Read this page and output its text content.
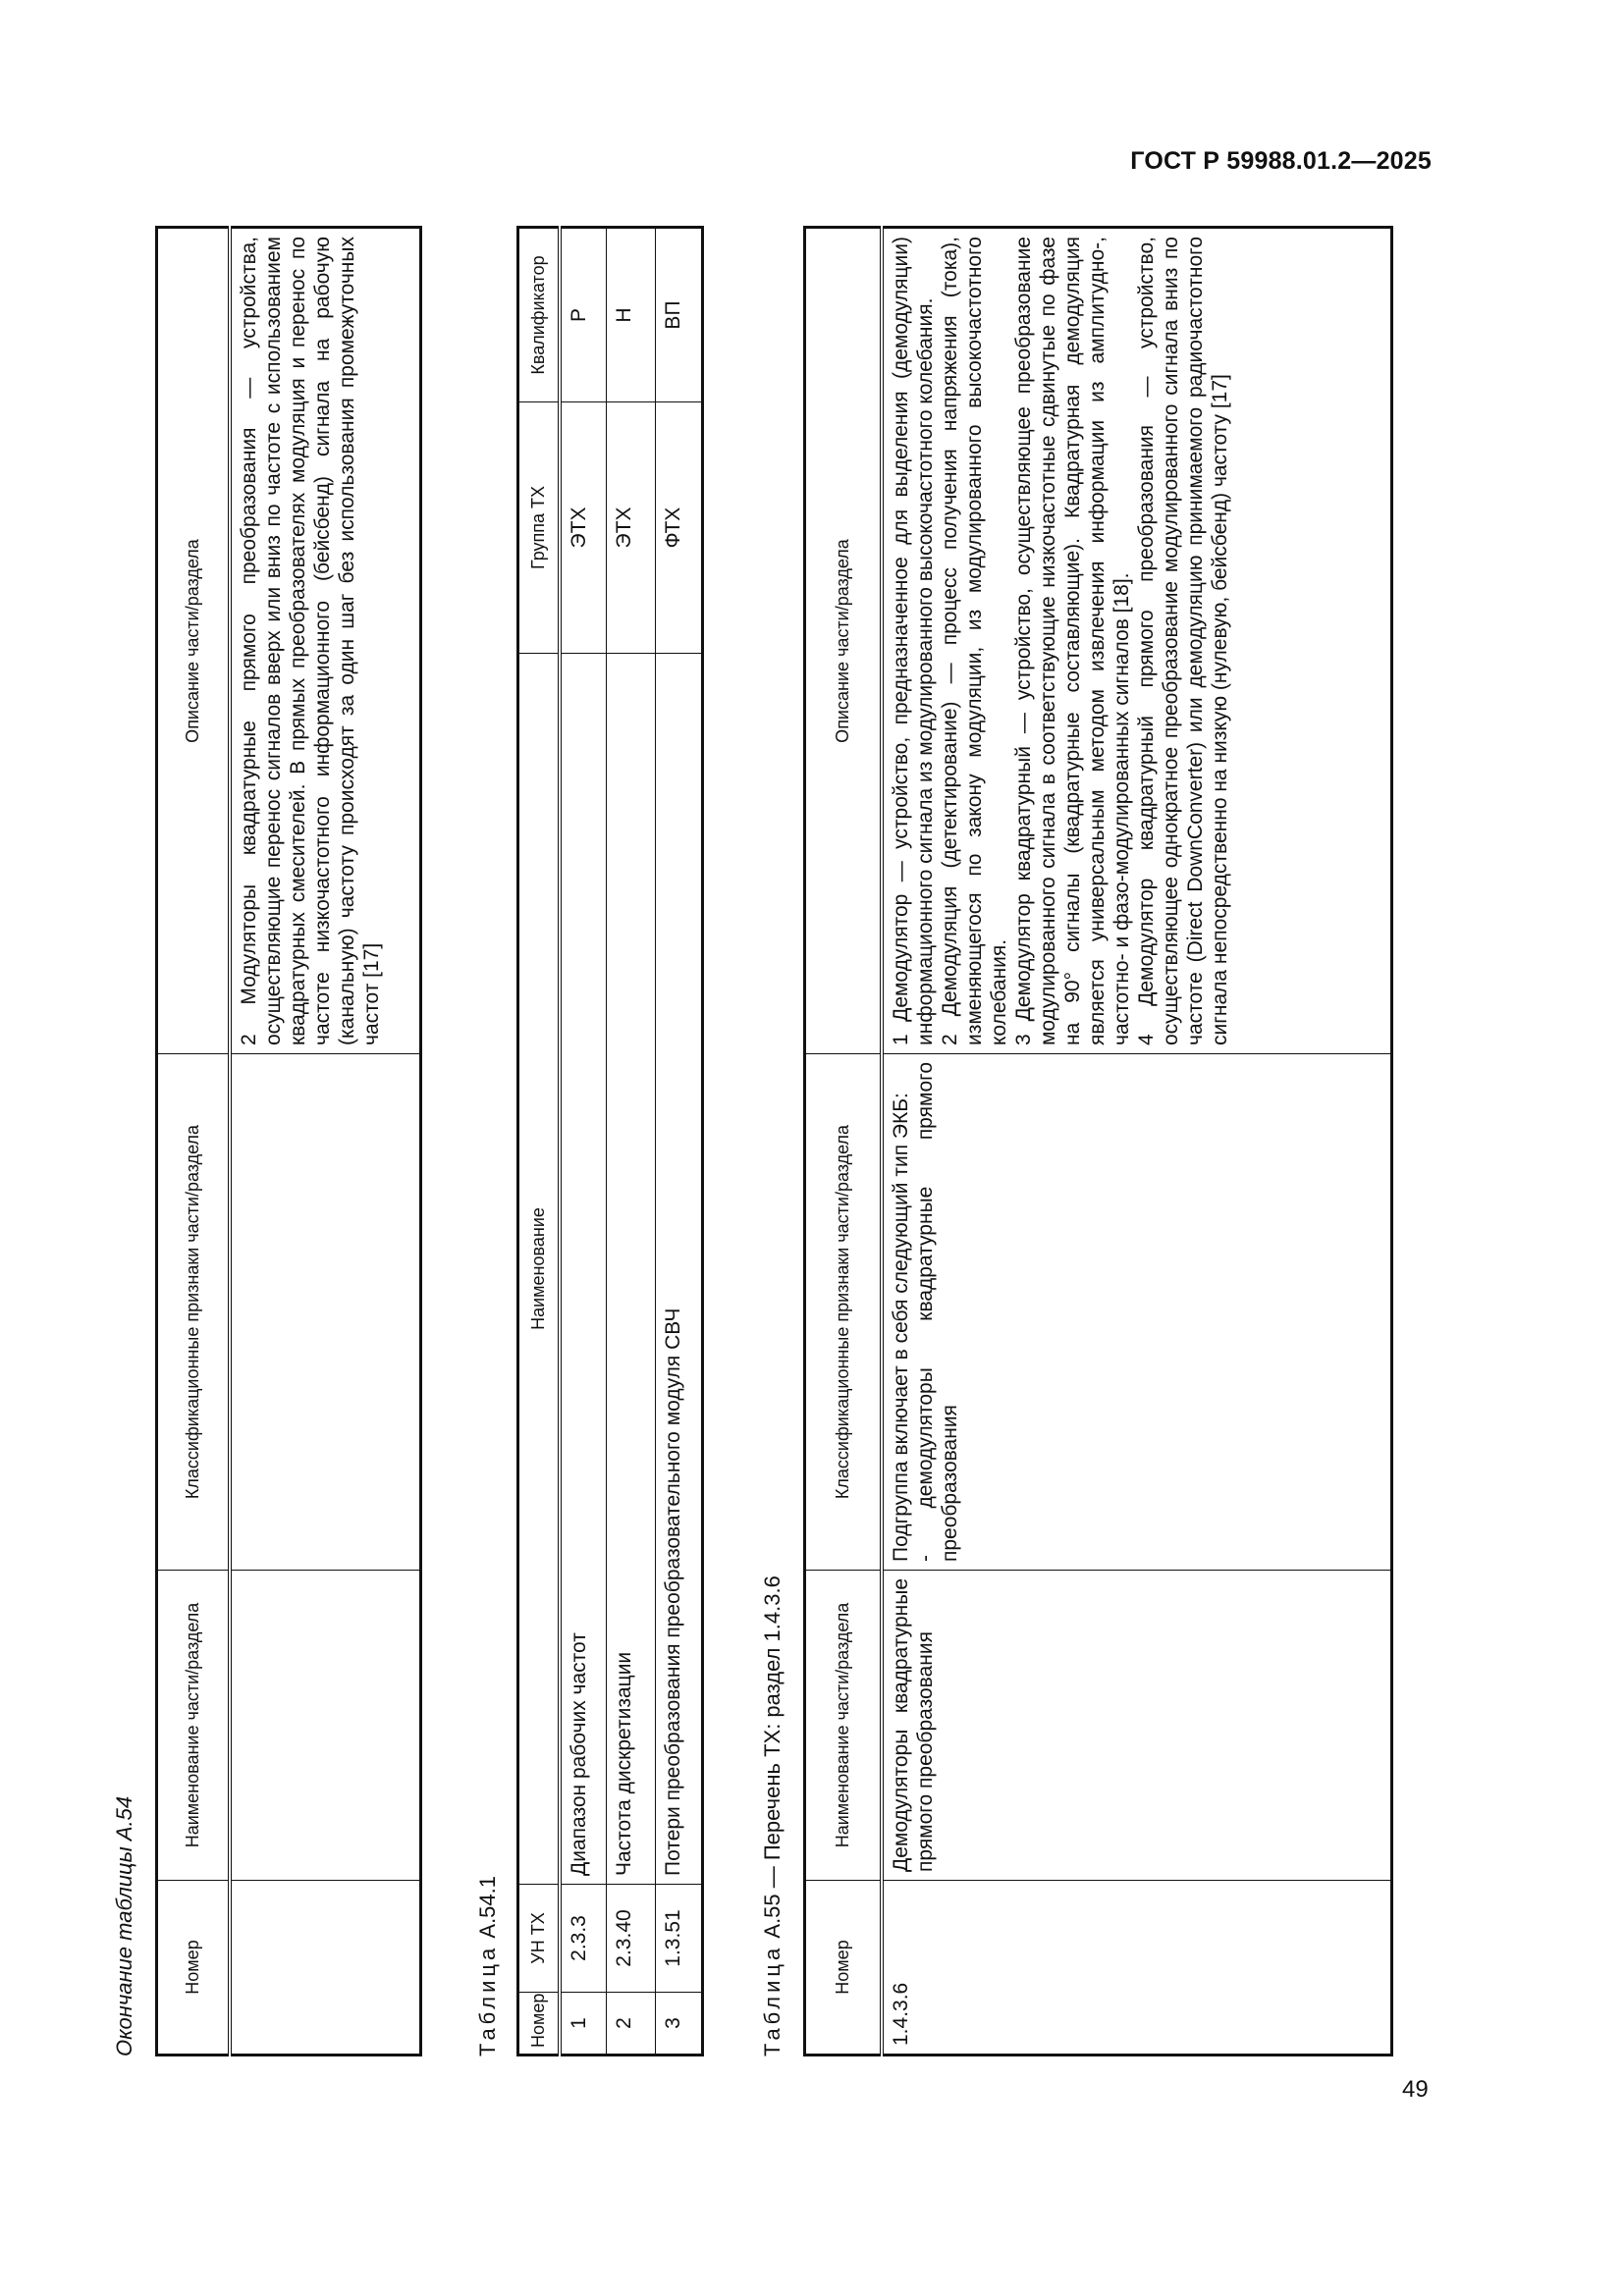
ГОСТ Р 59988.01.2—2025
Окончание таблицы А.54	Номер	Наименование части/раздела	Классификационные признаки части/раздела	Описание части/раздела
			2 Модуляторы квадратурные прямого преобразования — устройства, осуществляющие перенос сигналов вверх или вниз по частоте с использованием квадратурных смесителей. В прямых преобразователях модуляция и перенос по частоте низкочастотного информационного (бейсбенд) сигнала на рабочую (канальную) частоту происходят за один шаг без использования промежуточных частот [17]
Таблица А.54.1
Номер	УН ТХ	Наименование	Группа ТХ	Квалификатор
1	2.3.3	Диапазон рабочих частот	ЭТХ	Р
2	2.3.40	Частота дискретизации	ЭТХ	Н
3	1.3.51	Потери преобразования преобразовательного модуля СВЧ	ФТХ	ВП
Таблица А.55 — Перечень ТХ: раздел 1.4.3.6
Номер	Наименование части/раздела	Классификационные признаки части/раздела	Описание части/раздела
1.4.3.6	Демодуляторы квадратурные прямого преобразования	Подгруппа включает в себя следующий тип ЭКБ: - демодуляторы квадратурные прямого преобразования	1 Демодулятор — устройство, предназначенное для выделения (демодуляции) информационного сигнала из модулированного высокочастотного колебания. 2 Демодуляция (детектирование) — процесс получения напряжения (тока), изменяющегося по закону модуляции, из модулированного высокочастотного колебания. 3 Демодулятор квадратурный — устройство, осуществляющее преобразование модулированного сигнала в соответствующие низкочастотные сдвинутые по фазе на 90° сигналы (квадратурные составляющие). Квадратурная демодуляция является универсальным методом извлечения информации из амплитудно-, частотно- и фазо-модулированных сигналов [18]. 4 Демодулятор квадратурный прямого преобразования — устройство, осуществляющее однократное преобразование модулированного сигнала вниз по частоте (Direct DownConverter) или демодуляцию принимаемого радиочастотного сигнала непосредственно на низкую (нулевую, бейсбенд) частоту [17]
49
